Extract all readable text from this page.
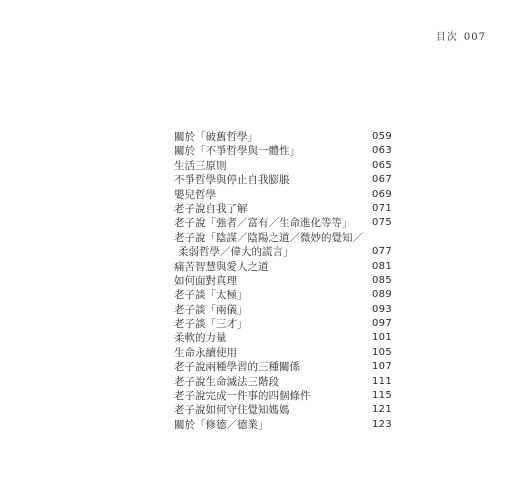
目次 007
關於「破舊哲學」	059
關於「不爭哲學與一體性」	063
生活三原則	065
不爭哲學與停止自我膨脹	067
嬰兒哲學	069
老子說自我了解	071
老子說「強者／富有／生命進化等等」 075
老子說「陰謀／陰陽之道／微妙的覺知／
柔弱哲學／偉大的謊言」	077
痛苦智慧與愛人之道	081
如何面對真理	085
老子談「太極」	089
老子談「兩儀」	093
老子談「三才」	097
柔軟的力量	101
生命永續使用	105
老子說兩種學習的三種關係	107
老子說生命滅法三階段	111
老子說完成一件事的四個條件	115
老子說如何守住覺知媽媽	121
關於「修德／德業」	123
